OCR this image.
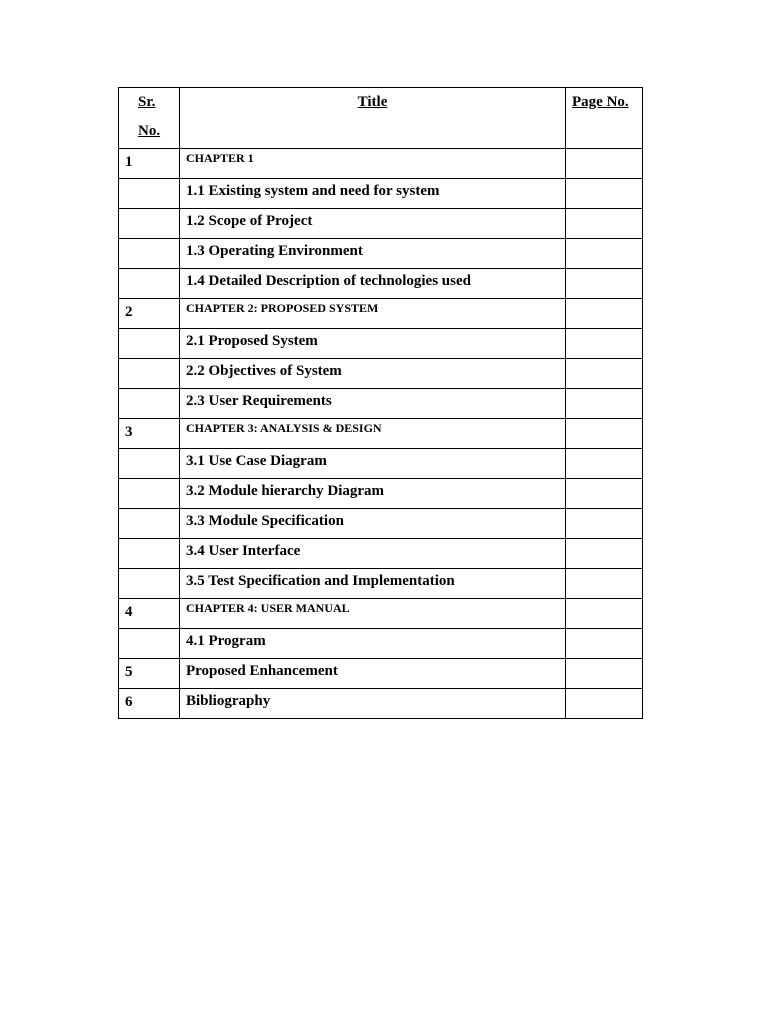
Sr.
No.	Title	Page No.
1	CHAPTER 1	
	1.1 Existing system and need for system	
	1.2 Scope of Project	
	1.3 Operating Environment	
	1.4 Detailed Description of technologies used	
2	CHAPTER 2: PROPOSED SYSTEM	
	2.1 Proposed System	
	2.2 Objectives of System	
	2.3 User Requirements	
3	CHAPTER 3: ANALYSIS & DESIGN	
	3.1 Use Case Diagram	
	3.2 Module hierarchy Diagram	
	3.3 Module Specification	
	3.4 User Interface	
	3.5 Test Specification and Implementation	
4	CHAPTER 4: USER MANUAL	
	4.1 Program	
5	Proposed Enhancement	
6	Bibliography	
